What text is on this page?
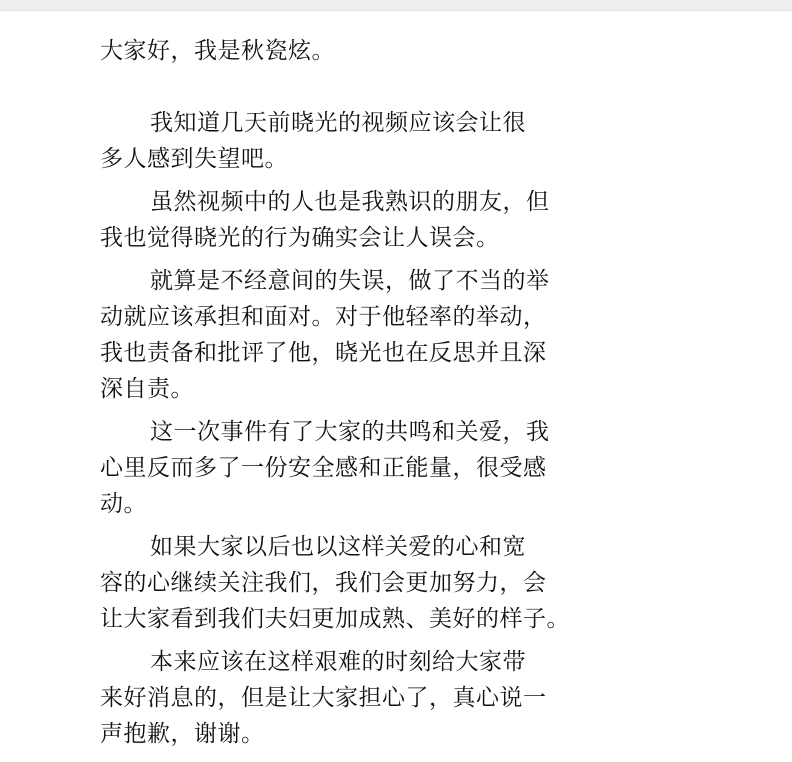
大家好，我是秋瓷炫。
我知道几天前晓光的视频应该会让很
多人感到失望吧。
虽然视频中的人也是我熟识的朋友，但
我也觉得晓光的行为确实会让人误会。
就算是不经意间的失误，做了不当的举
动就应该承担和面对。对于他轻率的举动，
我也责备和批评了他，晓光也在反思并且深
深自责。
这一次事件有了大家的共鸣和关爱，我
心里反而多了一份安全感和正能量，很受感
动。
如果大家以后也以这样关爱的心和宽
容的心继续关注我们，我们会更加努力，会
让大家看到我们夫妇更加成熟、美好的样子。
本来应该在这样艰难的时刻给大家带
来好消息的，但是让大家担心了，真心说一
声抱歉，谢谢。
